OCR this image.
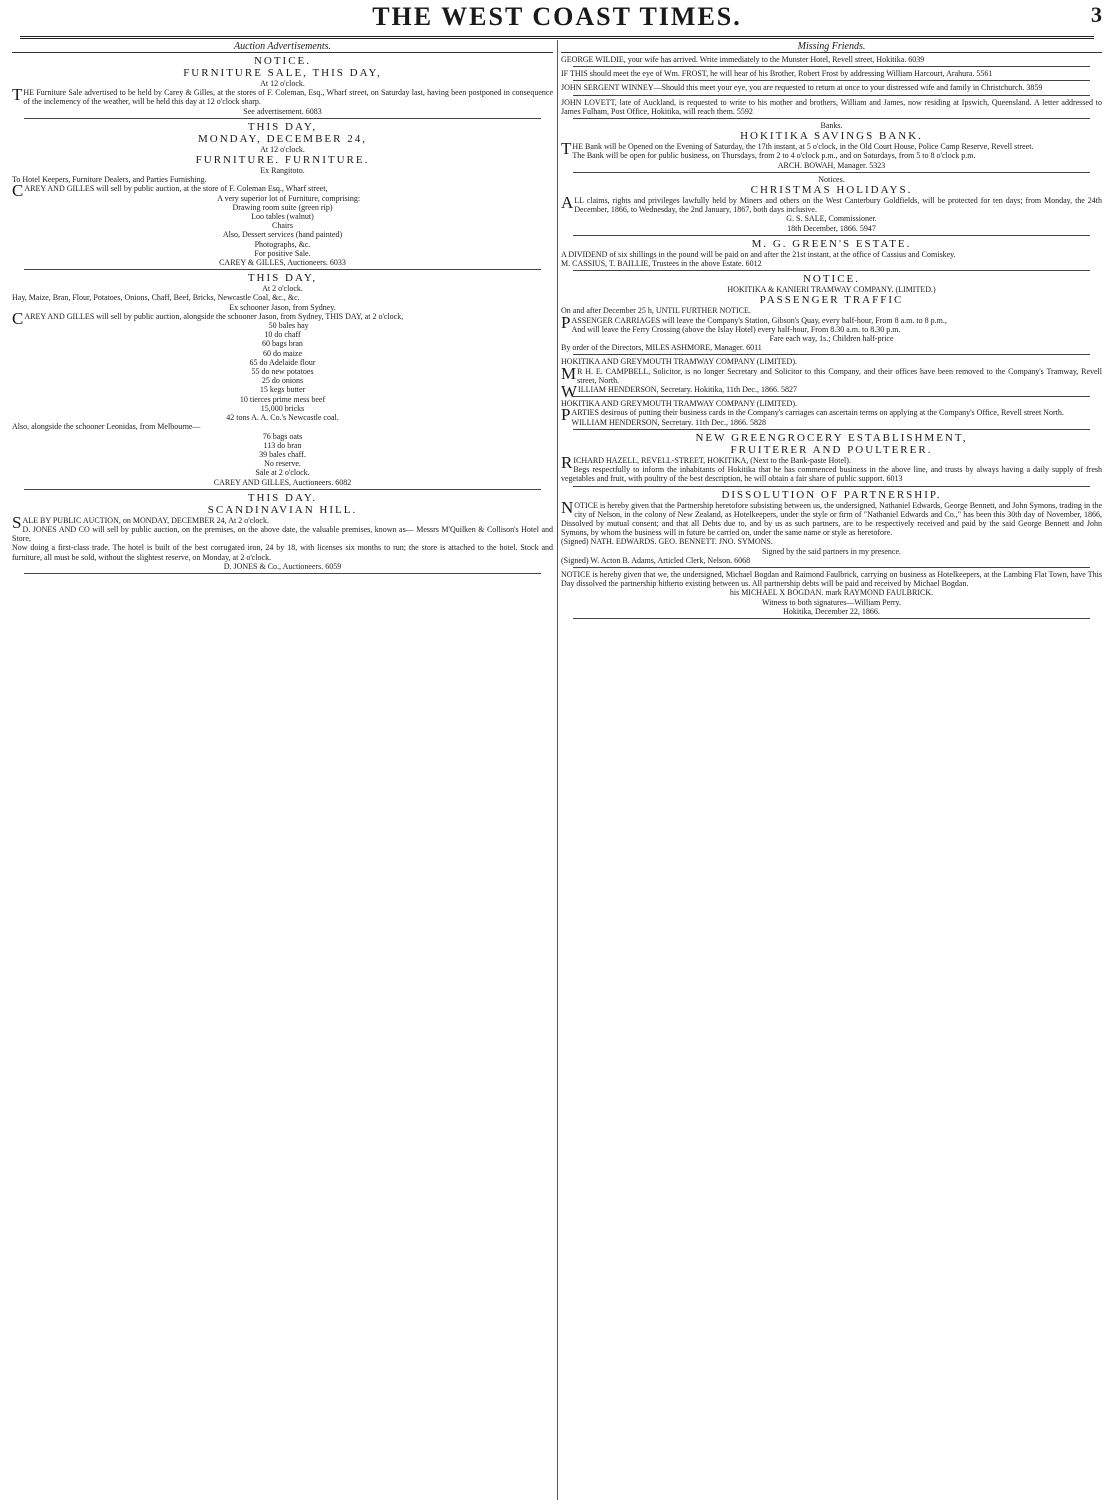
THE WEST COAST TIMES.	3
Auction Advertisements.

NOTICE.

FURNITURE SALE, THIS DAY,

At 12 o'clock.

THE Furniture Sale advertised to be held by Carey & Gilles, at the stores of F. Coleman, Esq., Wharf street, on Saturday last, having been postponed in consequence of the inclemency of the weather, will be held this day at 12 o'clock sharp.

See advertisement. 6083

THIS DAY,

MONDAY, DECEMBER 24,

At 12 o'clock.

FURNITURE. FURNITURE.

Ex Rangitoto.

To Hotel Keepers, Furniture Dealers, and Parties Furnishing.

CAREY AND GILLES will sell by public auction, at the store of F. Coleman Esq., Wharf street,

A very superior lot of Furniture, comprising:

Drawing room suite (green rip)

Loo tables (walnut)

Chairs

Also, Dessert services (hand painted)

Photographs, &c.

For positive Sale.

CAREY & GILLES, Auctioneers. 6033

THIS DAY,

At 2 o'clock.

Hay, Maize, Bran, Flour, Potatoes, Onions, Chaff, Beef, Bricks, Newcastle Coal, &c., &c.

Ex schooner Jason, from Sydney.

CAREY AND GILLES will sell by public auction, alongside the schooner Jason, from Sydney, THIS DAY, at 2 o'clock,

50 bales hay

10 do chaff

60 bags bran

60 do maize

65 do Adelaide flour

55 do new potatoes

25 do onions

15 kegs butter

10 tierces prime mess beef

15,000 bricks

42 tons A. A. Co.'s Newcastle coal.

Also, alongside the schooner Leonidas, from Melbourne—

76 bags oats

113 do bran

39 bales chaff.

No reserve.

Sale at 2 o'clock.

CAREY AND GILLES, Auctioneers. 6082

THIS DAY.

SCANDINAVIAN HILL.

SALE BY PUBLIC AUCTION, on MONDAY, DECEMBER 24, At 2 o'clock.

D. JONES AND CO will sell by public auction, on the premises, on the above date, the valuable premises, known as— Messrs M'Quilken & Collison's Hotel and Store,

Now doing a first-class trade. The hotel is built of the best corrugated iron, 24 by 18, with licenses six months to run; the store is attached to the hotel. Stock and furniture, all must be sold, without the slightest reserve, on Monday, at 2 o'clock.

D. JONES & Co., Auctioneers. 6059

Missing Friends.

GEORGE WILDIE, your wife has arrived. Write immediately to the Munster Hotel, Revell street, Hokitika. 6039

IF THIS should meet the eye of Wm. FROST, he will hear of his Brother, Robert Frost by addressing William Harcourt, Arahura. 5561

JOHN SERGENT WINNEY—Should this meet your eye, you are requested to return at once to your distressed wife and family in Christchurch. 3859

JOHN LOVETT, late of Auckland, is requested to write to his mother and brothers, William and James, now residing at Ipswich, Queensland. A letter addressed to James Fulham, Post Office, Hokitika, will reach them. 5592

Banks.

HOKITIKA SAVINGS BANK.

THE Bank will be Opened on the Evening of Saturday, the 17th instant, at 5 o'clock, in the Old Court House, Police Camp Reserve, Revell street.

The Bank will be open for public business, on Thursdays, from 2 to 4 o'clock p.m., and on Saturdays, from 5 to 8 o'clock p.m.

ARCH. BOWAH, Manager. 5323

Notices.

CHRISTMAS HOLIDAYS.

ALL claims, rights and privileges lawfully held by Miners and others on the West Canterbury Goldfields, will be protected for ten days; from Monday, the 24th December, 1866, to Wednesday, the 2nd January, 1867, both days inclusive.

G. S. SALE, Commissioner.

18th December, 1866. 5947

M. G. GREEN'S ESTATE.

A DIVIDEND of six shillings in the pound will be paid on and after the 21st instant, at the office of Cassius and Comiskey.

M. CASSIUS, T. BAILLIE, Trustees in the above Estate. 6012

NOTICE.

HOKITIKA & KANIERI TRAMWAY COMPANY. (LIMITED.)

PASSENGER TRAFFIC

On and after December 25 h, UNTIL FURTHER NOTICE.

PASSENGER CARRIAGES will leave the Company's Station, Gibson's Quay, every half-hour, From 8 a.m. to 8 p.m.,

And will leave the Ferry Crossing (above the Islay Hotel) every half-hour, From 8.30 a.m. to 8.30 p.m.

Fare each way, 1s.; Children half-price

By order of the Directors, MILES ASHMORE, Manager. 6011

HOKITIKA AND GREYMOUTH TRAMWAY COMPANY (LIMITED).

MR H. E. CAMPBELL, Solicitor, is no longer Secretary and Solicitor to this Company, and their offices have been removed to the Company's Tramway, Revell street, North.

WILLIAM HENDERSON, Secretary. Hokitika, 11th Dec., 1866. 5827

HOKITIKA AND GREYMOUTH TRAMWAY COMPANY (LIMITED).

PARTIES desirous of putting their business cards in the Company's carriages can ascertain terms on applying at the Company's Office, Revell street North.

WILLIAM HENDERSON, Secretary. 11th Dec., 1866. 5828

NEW GREENGROCERY ESTABLISHMENT,

FRUITERER AND POULTERER.

RICHARD HAZELL, REVELL-STREET, HOKITIKA, (Next to the Bank-paste Hotel).

Begs respectfully to inform the inhabitants of Hokitika that he has commenced business in the above line, and trusts by always having a daily supply of fresh vegetables and fruit, with poultry of the best description, he will obtain a fair share of public support. 6013

DISSOLUTION OF PARTNERSHIP.

NOTICE is hereby given that the Partnership heretofore subsisting between us, the undersigned, Nathaniel Edwards, George Bennett, and John Symons, trading in the city of Nelson, in the colony of New Zealand, as Hotelkeepers, under the style or firm of "Nathaniel Edwards and Co.," has been this 30th day of November, 1866, Dissolved by mutual consent; and that all Debts due to, and by us as such partners, are to be respectively received and paid by the said George Bennett and John Symons, by whom the business will in future be carried on, under the same name or style as heretofore.

(Signed) NATH. EDWARDS. GEO. BENNETT. JNO. SYMONS.

Signed by the said partners in my presence.

(Signed) W. Acton B. Adams, Articled Clerk, Nelson. 6068

NOTICE is hereby given that we, the undersigned, Michael Bogdan and Raimond Faulbrick, carrying on business as Hotelkeepers, at the Lambing Flat Town, have This Day dissolved the partnership hitherto existing between us. All partnership debts will be paid and received by Michael Bogdan.

his MICHAEL X BOGDAN. mark RAYMOND FAULBRICK.

Witness to both signatures—William Perry.

Hokitika, December 22, 1866.
